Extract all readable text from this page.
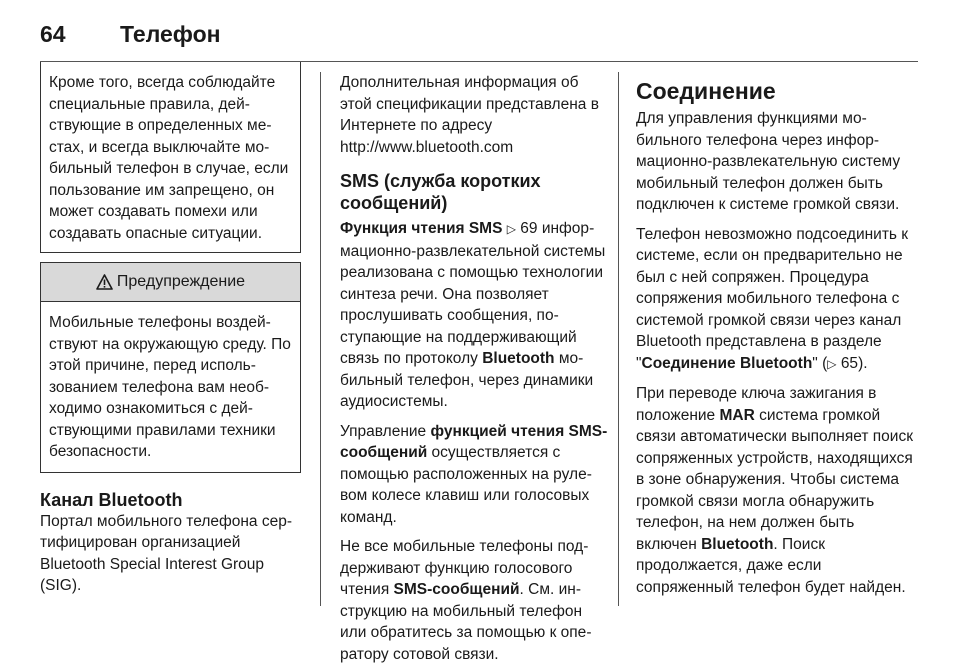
64	Телефон

Кроме того, всегда соблюдайте специальные правила, действующие в определенных местах, и всегда выключайте мобильный телефон в случае, если пользование им запрещено, он может создавать помехи или создавать опасные ситуации.

Предупреждение

Мобильные телефоны воздействуют на окружающую среду. По этой причине, перед использованием телефона вам необходимо ознакомиться с действующими правилами техники безопасности.

Канал Bluetooth

Портал мобильного телефона сертифицирован организацией Bluetooth Special Interest Group (SIG).

Дополнительная информация об этой спецификации представлена в Интернете по адресу http://www.bluetooth.com

SMS (служба коротких сообщений)

Функция чтения SMS ▷ 69 информационно-развлекательной системы реализована с помощью технологии синтеза речи. Она позволяет прослушивать сообщения, поступающие на поддерживающий связь по протоколу Bluetooth мобильный телефон, через динамики аудиосистемы.

Управление функцией чтения SMS-сообщений осуществляется с помощью расположенных на рулевом колесе клавиш или голосовых команд.

Не все мобильные телефоны поддерживают функцию голосового чтения SMS-сообщений. См. инструкцию на мобильный телефон или обратитесь за помощью к оператору сотовой связи.

Соединение

Для управления функциями мобильного телефона через информационно-развлекательную систему мобильный телефон должен быть подключен к системе громкой связи.

Телефон невозможно подсоединить к системе, если он предварительно не был с ней сопряжен. Процедура сопряжения мобильного телефона с системой громкой связи через канал Bluetooth представлена в разделе "Соединение Bluetooth" (▷ 65).

При переводе ключа зажигания в положение MAR система громкой связи автоматически выполняет поиск сопряженных устройств, находящихся в зоне обнаружения. Чтобы система громкой связи могла обнаружить телефон, на нем должен быть включен Bluetooth. Поиск продолжается, даже если сопряженный телефон будет найден.
